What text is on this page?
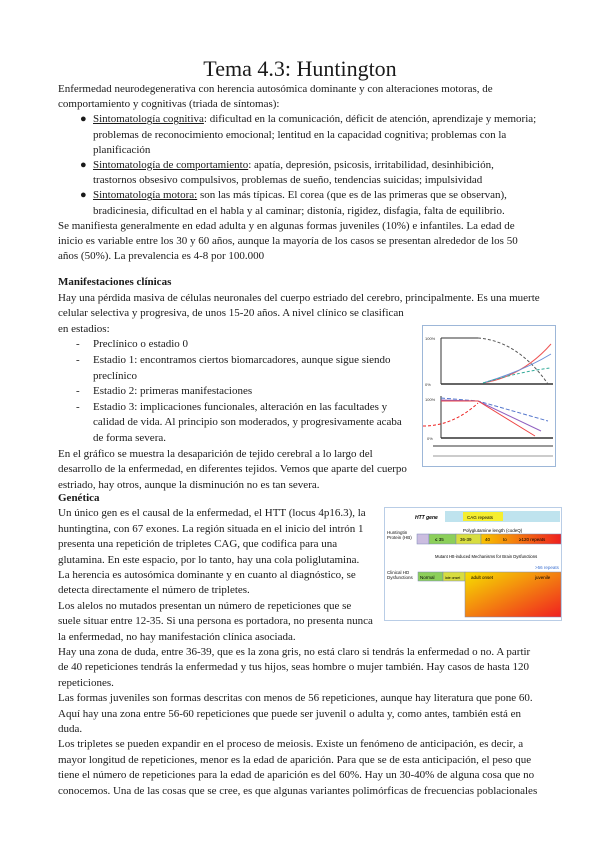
Tema 4.3: Huntington
Enfermedad neurodegenerativa con herencia autosómica dominante y con alteraciones motoras, de
comportamiento y cognitivas (triada de síntomas):
● Sintomatología cognitiva: dificultad en la comunicación, déficit de atención, aprendizaje y memoria;
problemas de reconocimiento emocional; lentitud en la capacidad cognitiva; problemas con la
planificación
● Sintomatología de comportamiento: apatía, depresión, psicosis, irritabilidad, desinhibición,
trastornos obsesivo compulsivos, problemas de sueño, tendencias suicidas; impulsividad
● Sintomatología motora: son las más típicas. El corea (que es de las primeras que se observan),
bradicinesia, dificultad en el habla y al caminar; distonía, rigidez, disfagia, falta de equilibrio.
Se manifiesta generalmente en edad adulta y en algunas formas juveniles (10%) e infantiles. La edad de
inicio es variable entre los 30 y 60 años, aunque la mayoría de los casos se presentan alrededor de los 50
años (50%). La prevalencia es 4-8 por 100.000
Manifestaciones clínicas
Hay una pérdida masiva de células neuronales del cuerpo estriado del cerebro, principalmente. Es una muerte
celular selectiva y progresiva, de unos 15-20 años. A nivel clínico se clasifican
en estadios:
- Preclínico o estadio 0
- Estadio 1: encontramos ciertos biomarcadores, aunque sigue siendo
preclínico
- Estadio 2: primeras manifestaciones
- Estadio 3: implicaciones funcionales, alteración en las facultades y
calidad de vida. Al principio son moderados, y progresivamente acaba
de forma severa.
En el gráfico se muestra la desaparición de tejido cerebral a lo largo del
desarrollo de la enfermedad, en diferentes tejidos. Vemos que aparte del cuerpo
estriado, hay otros, aunque la disminución no es tan severa.
Genética
Un único gen es el causal de la enfermedad, el HTT (locus 4p16.3), la
huntingtina, con 67 exones. La región situada en el inicio del intrón 1
presenta una repetición de tripletes CAG, que codifica para una
glutamina. En este espacio, por lo tanto, hay una cola poliglutamina.
La herencia es autosómica dominante y en cuanto al diagnóstico, se
detecta directamente el número de tripletes.
Los alelos no mutados presentan un número de repeticiones que se
suele situar entre 12-35. Si una persona es portadora, no presenta nunca
la enfermedad, no hay manifestación clínica asociada.
Hay una zona de duda, entre 36-39, que es la zona gris, no está claro si tendrás la enfermedad o no. A partir
de 40 repeticiones tendrás la enfermedad y tus hijos, seas hombre o mujer también. Hay casos de hasta 120
repeticiones.
Las formas juveniles son formas descritas con menos de 56 repeticiones, aunque hay literatura que pone 60.
Aquí hay una zona entre 56-60 repeticiones que puede ser juvenil o adulta y, como antes, también está en
duda.
Los tripletes se pueden expandir en el proceso de meiosis. Existe un fenómeno de anticipación, es decir, a
mayor longitud de repeticiones, menor es la edad de aparición. Para que se de esta anticipación, el peso que
tiene el número de repeticiones para la edad de aparición es del 60%. Hay un 30-40% de alguna cosa que no
conocemos. Una de las cosas que se cree, es que algunas variantes polimórficas de frecuencias poblacionales
100%
0%
100%
0%
HTT gene	CAG repeats
Polyglutamine length (codeQ)
≤ 35	36-39	40	to	≥120 repeats
Mutant Htt-induced Mechanisms for Brain Dysfunctions
>56 repeats
Normal	late onset adult onset	juvenile
Huntingtin Protein (HB)
Clinical HD Dysfunctions
